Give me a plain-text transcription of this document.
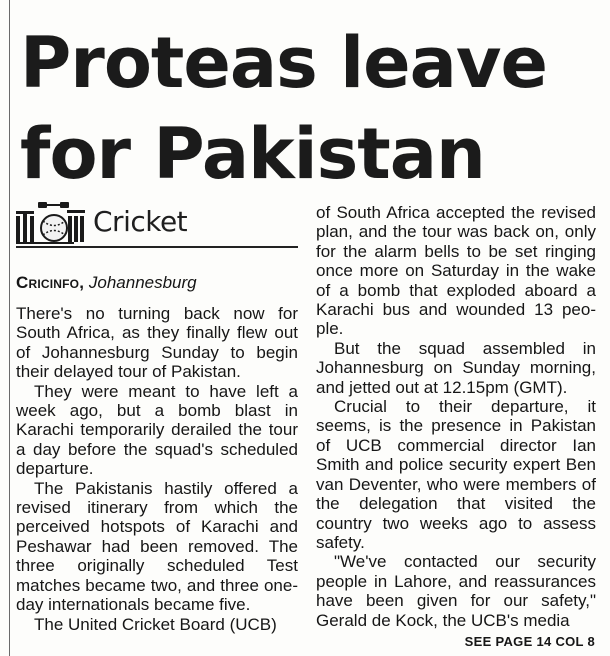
Proteas leave
for Pakistan
Cricket
Cricinfo, Johannesburg

There's no turning back now for South Africa, as they finally flew out of Johannesburg Sunday to begin their delayed tour of Pakistan.

They were meant to have left a week ago, but a bomb blast in Karachi temporarily derailed the tour a day before the squad's scheduled departure.

The Pakistanis hastily offered a revised itinerary from which the perceived hotspots of Karachi and Peshawar had been removed. The three originally scheduled Test matches became two, and three one-day internationals became five.

The United Cricket Board (UCB)

of South Africa accepted the revised plan, and the tour was back on, only for the alarm bells to be set ringing once more on Saturday in the wake of a bomb that exploded aboard a Karachi bus and wounded 13 people.

But the squad assembled in Johannesburg on Sunday morning, and jetted out at 12.15pm (GMT).

Crucial to their departure, it seems, is the presence in Pakistan of UCB commercial director Ian Smith and police security expert Ben van Deventer, who were members of the delegation that visited the country two weeks ago to assess safety.

"We've contacted our security people in Lahore, and reassurances have been given for our safety," Gerald de Kock, the UCB's media

SEE PAGE 14 COL 8
